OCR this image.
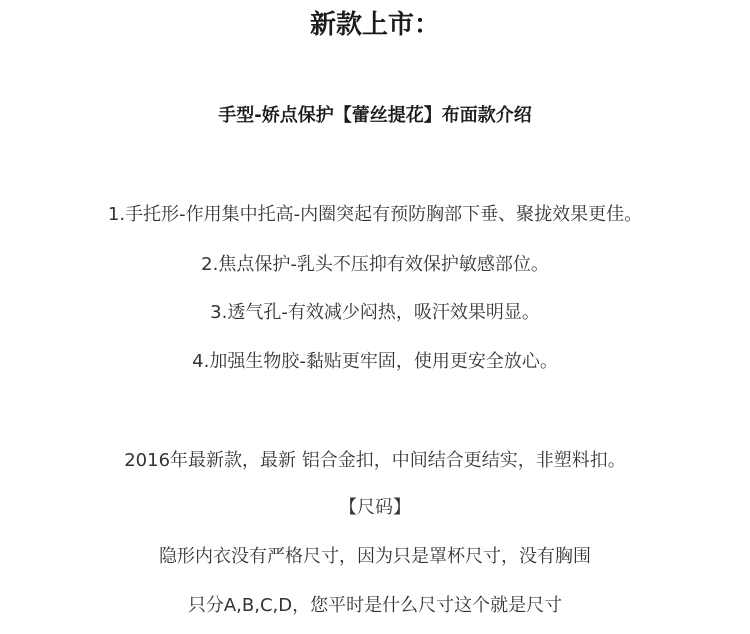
新款上市：
手型-娇点保护【蕾丝提花】布面款介绍
1.手托形-作用集中托高-内圈突起有预防胸部下垂、聚拢效果更佳。
2.焦点保护-乳头不压抑有效保护敏感部位。
3.透气孔-有效减少闷热，吸汗效果明显。
4.加强生物胶-黏贴更牢固，使用更安全放心。
2016年最新款，最新 铝合金扣，中间结合更结实，非塑料扣。
【尺码】
隐形内衣没有严格尺寸，因为只是罩杯尺寸，没有胸围
只分A,B,C,D，您平时是什么尺寸这个就是尺寸
